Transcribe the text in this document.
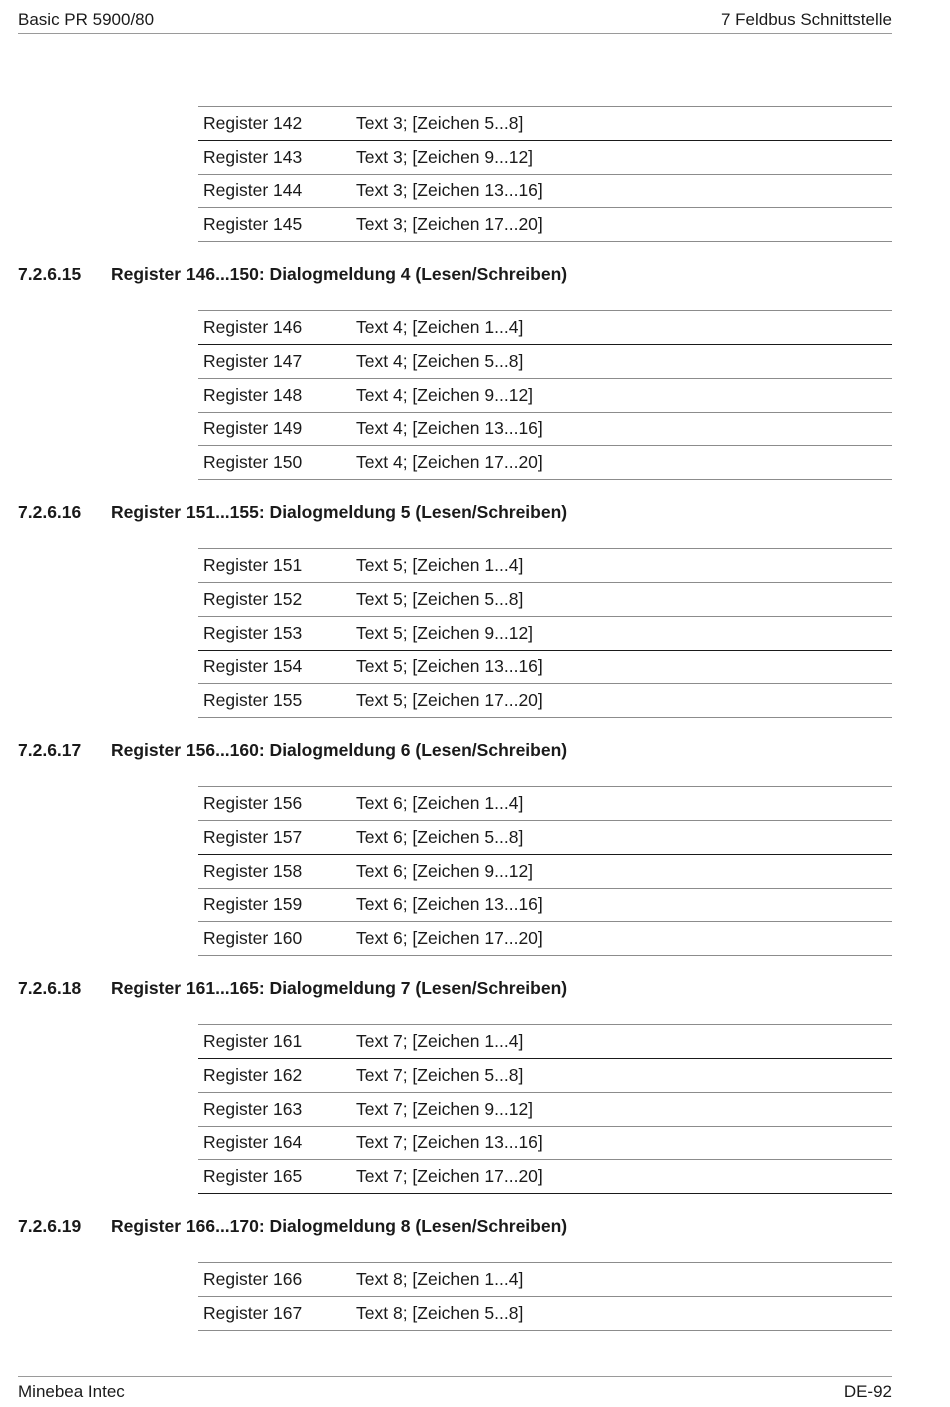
Basic PR 5900/80	7 Feldbus Schnittstelle
Register 142	Text 3; [Zeichen 5...8]
Register 143	Text 3; [Zeichen 9...12]
Register 144	Text 3; [Zeichen 13...16]
Register 145	Text 3; [Zeichen 17...20]
7.2.6.15 Register 146...150: Dialogmeldung 4 (Lesen/Schreiben)
Register 146	Text 4; [Zeichen 1...4]
Register 147	Text 4; [Zeichen 5...8]
Register 148	Text 4; [Zeichen 9...12]
Register 149	Text 4; [Zeichen 13...16]
Register 150	Text 4; [Zeichen 17...20]
7.2.6.16 Register 151...155: Dialogmeldung 5 (Lesen/Schreiben)
Register 151	Text 5; [Zeichen 1...4]
Register 152	Text 5; [Zeichen 5...8]
Register 153	Text 5; [Zeichen 9...12]
Register 154	Text 5; [Zeichen 13...16]
Register 155	Text 5; [Zeichen 17...20]
7.2.6.17 Register 156...160: Dialogmeldung 6 (Lesen/Schreiben)
Register 156	Text 6; [Zeichen 1...4]
Register 157	Text 6; [Zeichen 5...8]
Register 158	Text 6; [Zeichen 9...12]
Register 159	Text 6; [Zeichen 13...16]
Register 160	Text 6; [Zeichen 17...20]
7.2.6.18 Register 161...165: Dialogmeldung 7 (Lesen/Schreiben)
Register 161	Text 7; [Zeichen 1...4]
Register 162	Text 7; [Zeichen 5...8]
Register 163	Text 7; [Zeichen 9...12]
Register 164	Text 7; [Zeichen 13...16]
Register 165	Text 7; [Zeichen 17...20]
7.2.6.19 Register 166...170: Dialogmeldung 8 (Lesen/Schreiben)
Register 166	Text 8; [Zeichen 1...4]
Register 167	Text 8; [Zeichen 5...8]
Minebea Intec	DE-92
